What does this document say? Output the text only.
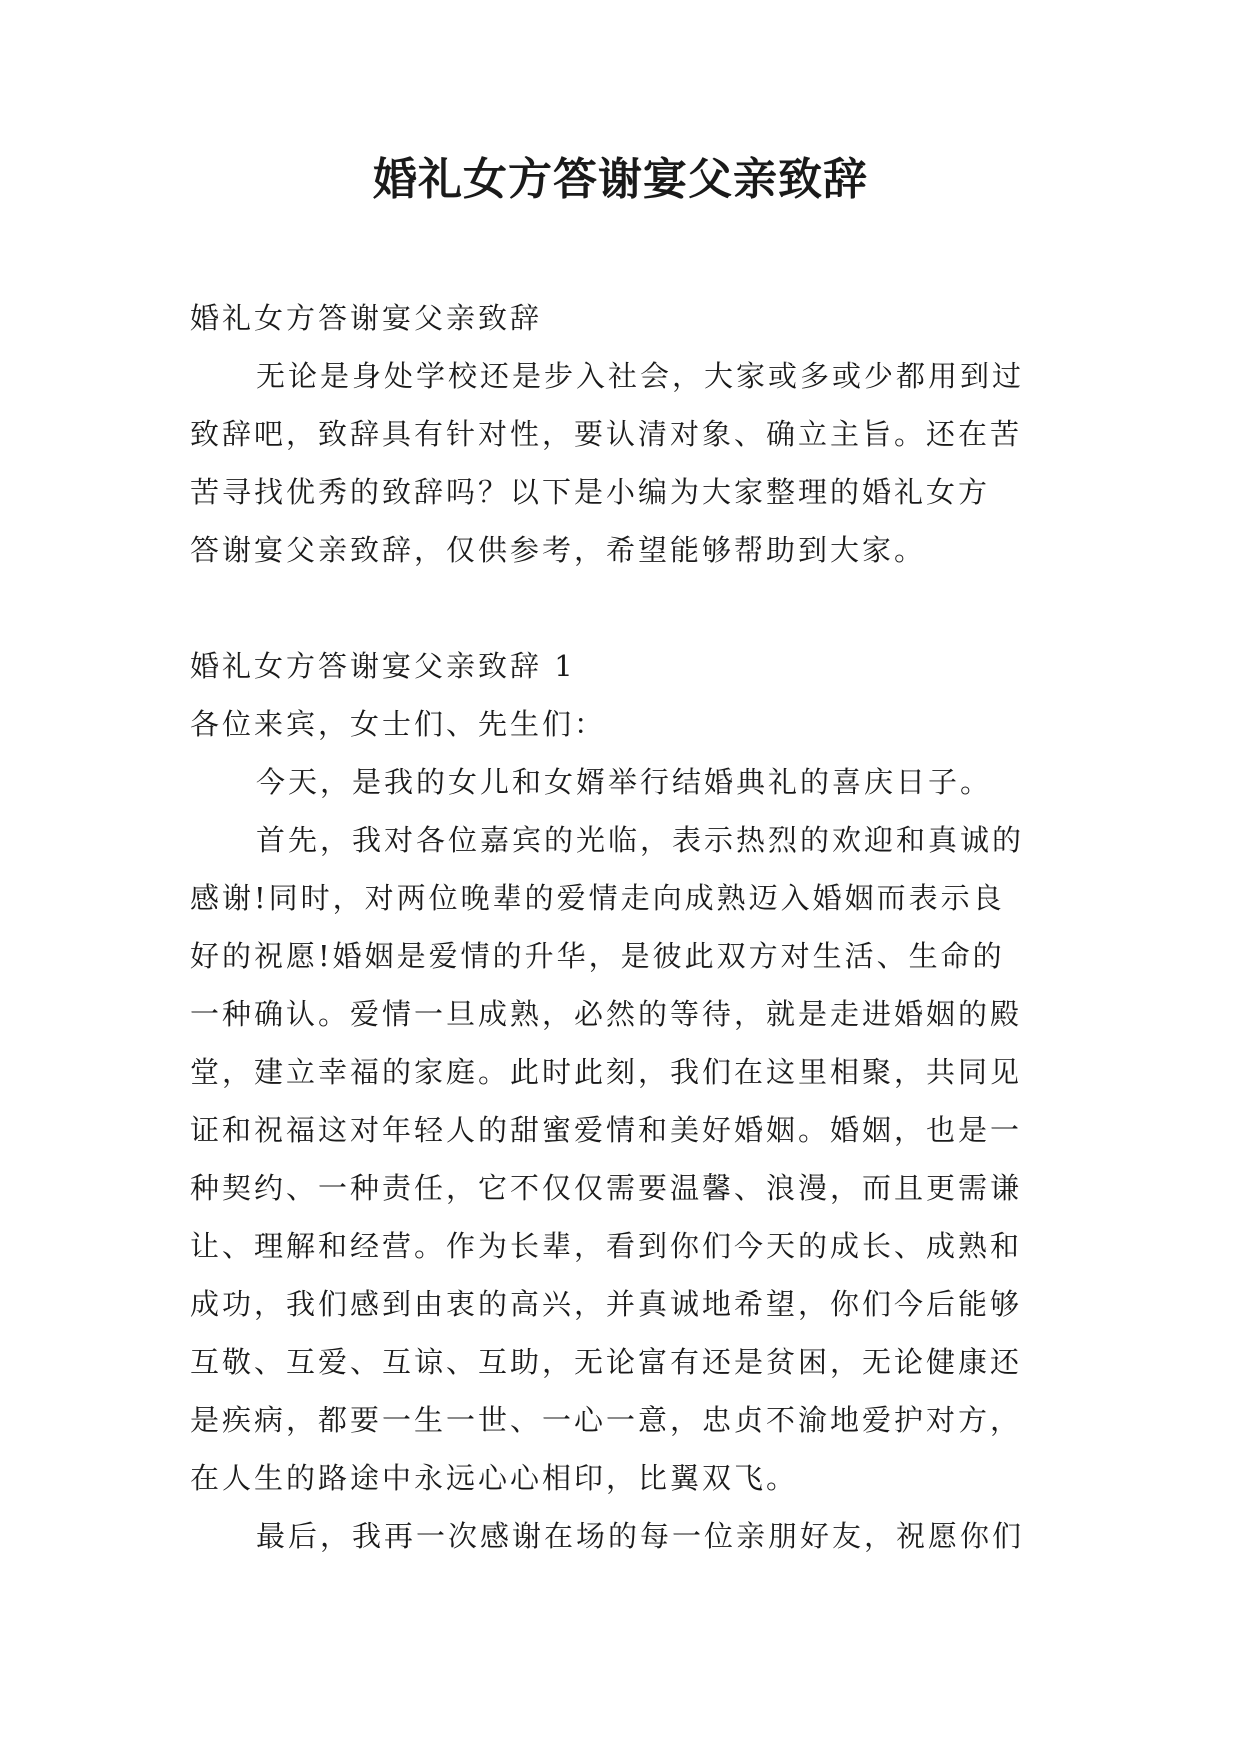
婚礼女方答谢宴父亲致辞
婚礼女方答谢宴父亲致辞
无论是身处学校还是步入社会，大家或多或少都用到过
致辞吧，致辞具有针对性，要认清对象、确立主旨。还在苦
苦寻找优秀的致辞吗？以下是小编为大家整理的婚礼女方
答谢宴父亲致辞，仅供参考，希望能够帮助到大家。
婚礼女方答谢宴父亲致辞 1
各位来宾，女士们、先生们：
今天，是我的女儿和女婿举行结婚典礼的喜庆日子。
首先，我对各位嘉宾的光临，表示热烈的欢迎和真诚的
感谢!同时，对两位晚辈的爱情走向成熟迈入婚姻而表示良
好的祝愿!婚姻是爱情的升华，是彼此双方对生活、生命的
一种确认。爱情一旦成熟，必然的等待，就是走进婚姻的殿
堂，建立幸福的家庭。此时此刻，我们在这里相聚，共同见
证和祝福这对年轻人的甜蜜爱情和美好婚姻。婚姻，也是一
种契约、一种责任，它不仅仅需要温馨、浪漫，而且更需谦
让、理解和经营。作为长辈，看到你们今天的成长、成熟和
成功，我们感到由衷的高兴，并真诚地希望，你们今后能够
互敬、互爱、互谅、互助，无论富有还是贫困，无论健康还
是疾病，都要一生一世、一心一意，忠贞不渝地爱护对方，
在人生的路途中永远心心相印，比翼双飞。
最后，我再一次感谢在场的每一位亲朋好友，祝愿你们
